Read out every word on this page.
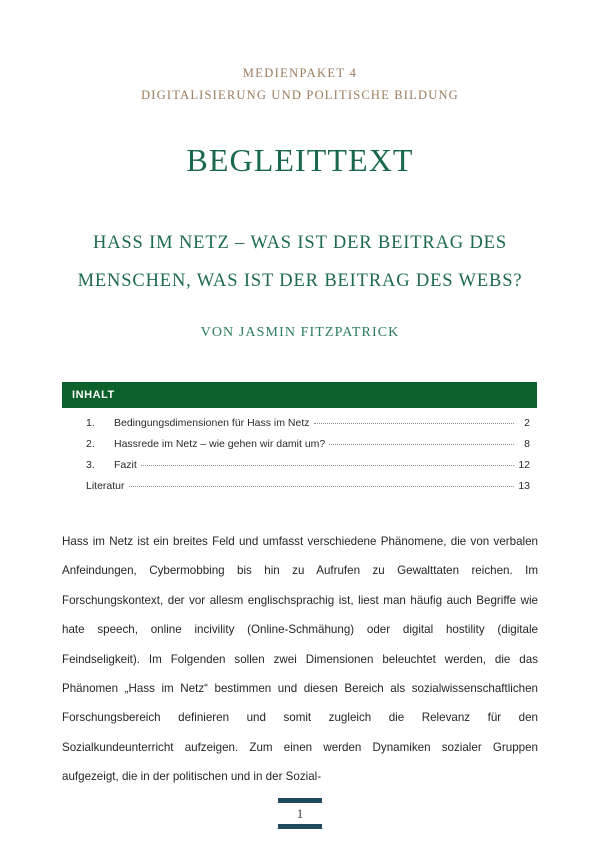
MEDIENPAKET 4
DIGITALISIERUNG UND POLITISCHE BILDUNG
BEGLEITTEXT
HASS IM NETZ – WAS IST DER BEITRAG DES
MENSCHEN, WAS IST DER BEITRAG DES WEBS?
VON JASMIN FITZPATRICK
INHALT
1.	Bedingungsdimensionen für Hass im Netz	2
2.	Hassrede im Netz – wie gehen wir damit um?	8
3.	Fazit	12
Literatur	13
Hass im Netz ist ein breites Feld und umfasst verschiedene Phänomene, die von verbalen Anfeindungen, Cybermobbing bis hin zu Aufrufen zu Gewalttaten reichen. Im Forschungskontext, der vor allesm englischsprachig ist, liest man häufig auch Begriffe wie hate speech, online incivility (Online-Schmähung) oder digital hostility (digitale Feindseligkeit). Im Folgenden sollen zwei Dimensionen beleuchtet werden, die das Phänomen „Hass im Netz“ bestimmen und diesen Bereich als sozialwissenschaftlichen Forschungsbereich definieren und somit zugleich die Relevanz für den Sozialkundeunterricht aufzeigen. Zum einen werden Dynamiken sozialer Gruppen aufgezeigt, die in der politischen und in der Sozial-
1
